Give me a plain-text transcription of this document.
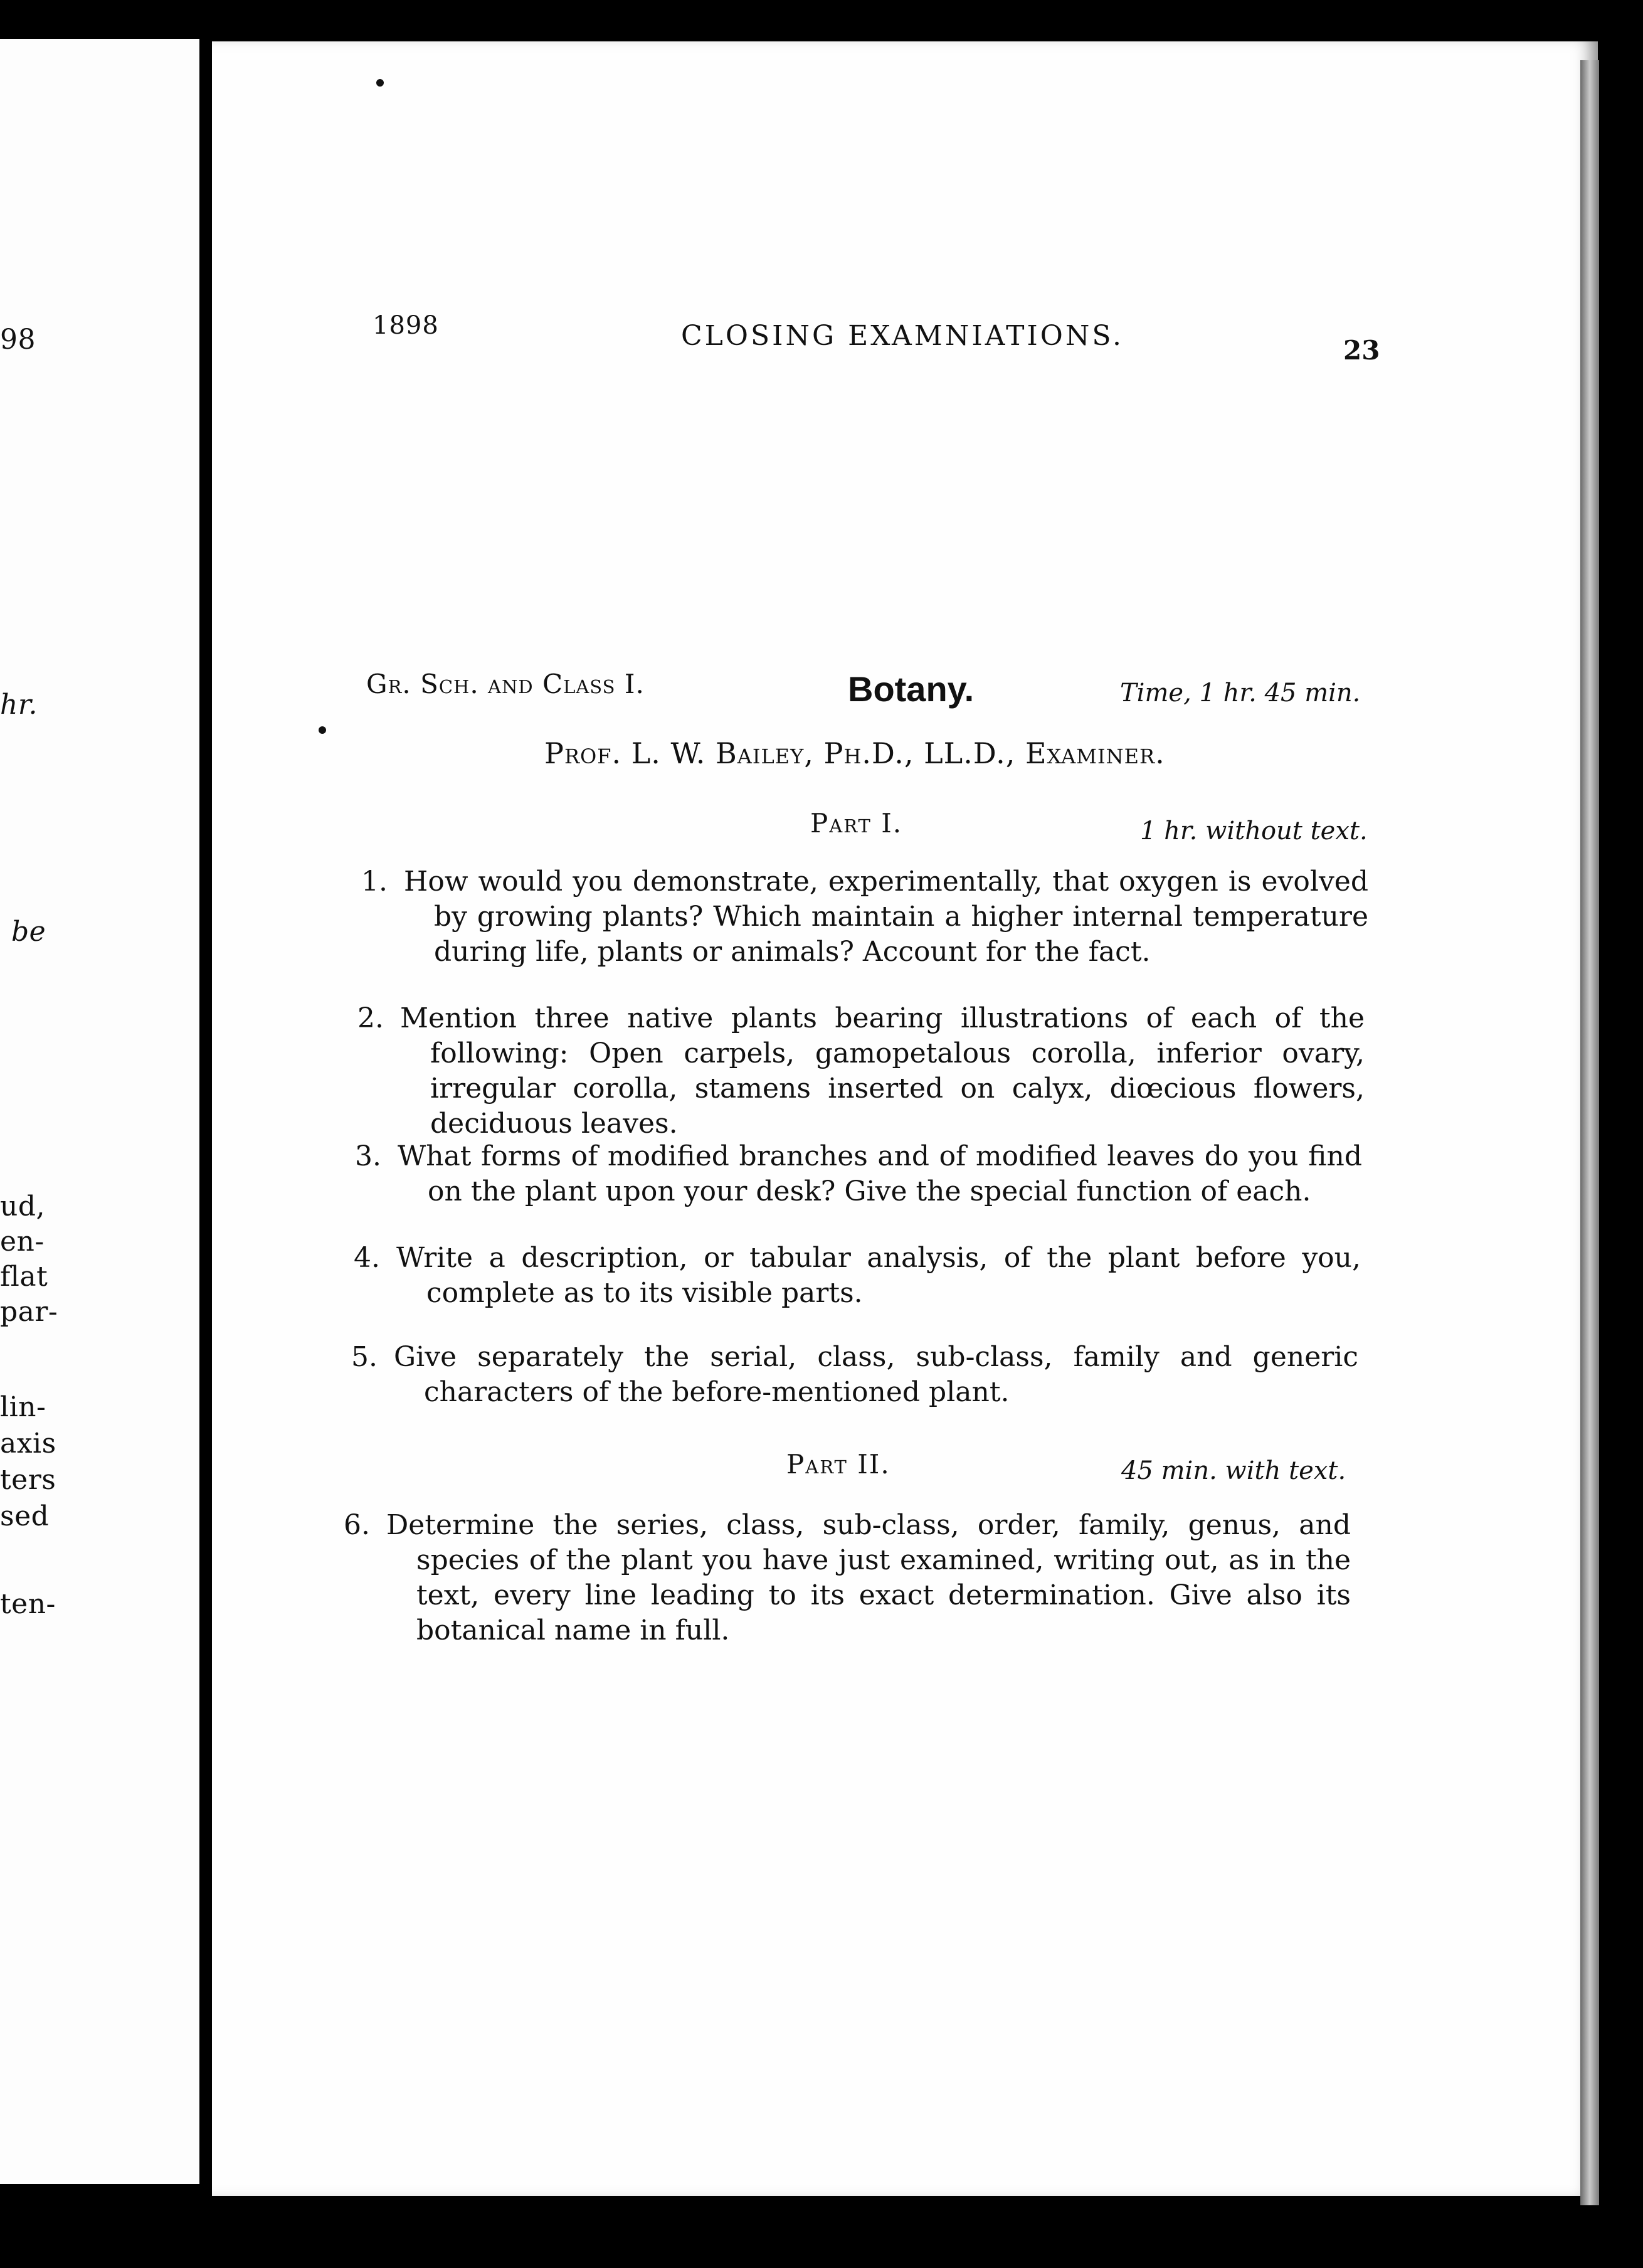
98
hr.
be
ud,
en-
flat
par-
lin-
axis
ters
sed
ten-
1898	CLOSING EXAMNIATIONS.	23
Gr. Sch. and Class I.	Botany.	Time, 1 hr. 45 min.
Prof. L. W. Bailey, Ph.D., LL.D., Examiner.
Part I.	1 hr. without text.
1. How would you demonstrate, experimentally, that oxygen is evolved by growing plants? Which maintain a higher internal temperature during life, plants or animals? Account for the fact.
2. Mention three native plants bearing illustrations of each of the following: Open carpels, gamopetalous corolla, inferior ovary, irregular corolla, stamens inserted on calyx, diœcious flowers, deciduous leaves.
3. What forms of modified branches and of modified leaves do you find on the plant upon your desk? Give the special function of each.
4. Write a description, or tabular analysis, of the plant before you, complete as to its visible parts.
5. Give separately the serial, class, sub-class, family and generic characters of the before-mentioned plant.
Part II.	45 min. with text.
6. Determine the series, class, sub-class, order, family, genus, and species of the plant you have just examined, writing out, as in the text, every line leading to its exact determination. Give also its botanical name in full.
